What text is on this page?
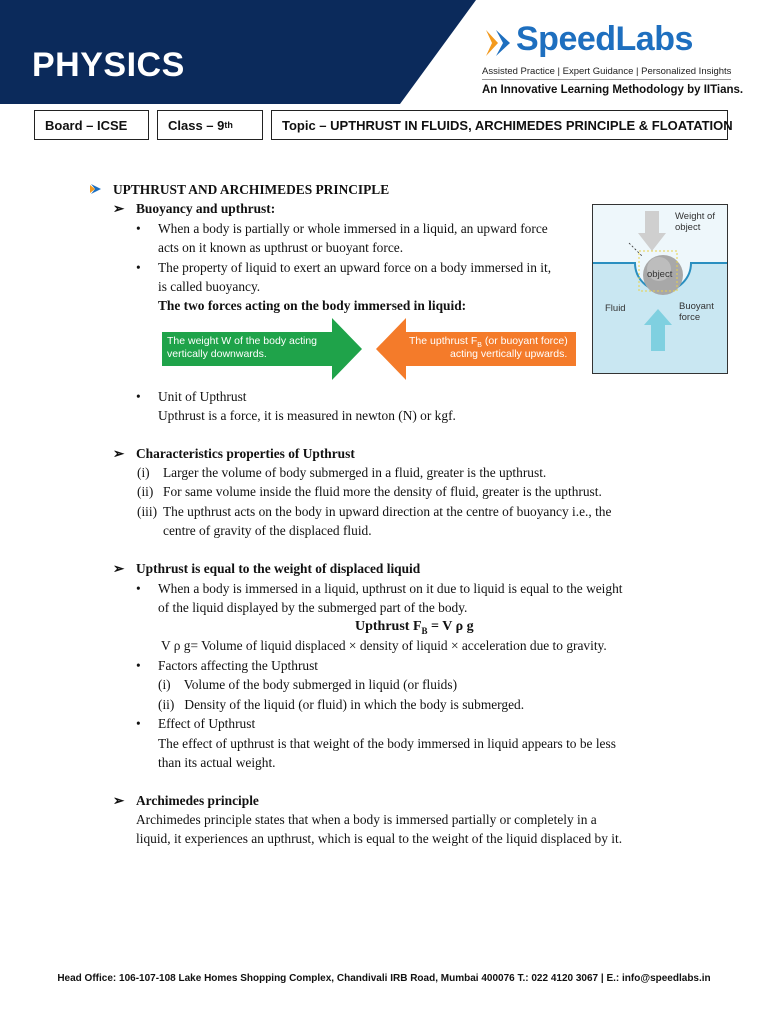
PHYSICS
SpeedLabs
Assisted Practice | Expert Guidance | Personalized Insights
An Innovative Learning Methodology by IITians.
Board – ICSE	Class – 9 th	Topic – UPTHRUST IN FLUIDS, ARCHIMEDES PRINCIPLE & FLOATATION
UPTHRUST AND ARCHIMEDES PRINCIPLE
➢ Buoyancy and upthrust:
• When a body is partially or whole immersed in a liquid, an upward force
acts on it known as upthrust or buoyant force.
• The property of liquid to exert an upward force on a body immersed in it,
is called buoyancy.
The two forces acting on the body immersed in liquid:
The weight W of the body acting
vertically downwards.
The upthrust $F_B$ (or buoyant force)
acting vertically upwards.
Weight of object
object
Fluid	Buoyant force
• Unit of Upthrust
Upthrust is a force, it is measured in newton (N) or kgf.
➢ Characteristics properties of Upthrust
(i) Larger the volume of body submerged in a fluid, greater is the upthrust.
(ii) For same volume inside the fluid more the density of fluid, greater is the upthrust.
(iii) The upthrust acts on the body in upward direction at the centre of buoyancy i.e., the
centre of gravity of the displaced fluid.
➢ Upthrust is equal to the weight of displaced liquid
• When a body is immersed in a liquid, upthrust on it due to liquid is equal to the weight
of the liquid displayed by the submerged part of the body.
Upthrust $F_B = V$ ρ g
V ρ g= Volume of liquid displaced × density of liquid × acceleration due to gravity.
• Factors affecting the Upthrust
(i)    Volume of the body submerged in liquid (or fluids)
(ii)   Density of the liquid (or fluid) in which the body is submerged.
• Effect of Upthrust
The effect of upthrust is that weight of the body immersed in liquid appears to be less
than its actual weight.
➢ Archimedes principle
Archimedes principle states that when a body is immersed partially or completely in a
liquid, it experiences an upthrust, which is equal to the weight of the liquid displaced by it.
Head Office: 106-107-108 Lake Homes Shopping Complex, Chandivali IRB Road, Mumbai 400076 T.: 022 4120 3067 | E.: info@speedlabs.in
